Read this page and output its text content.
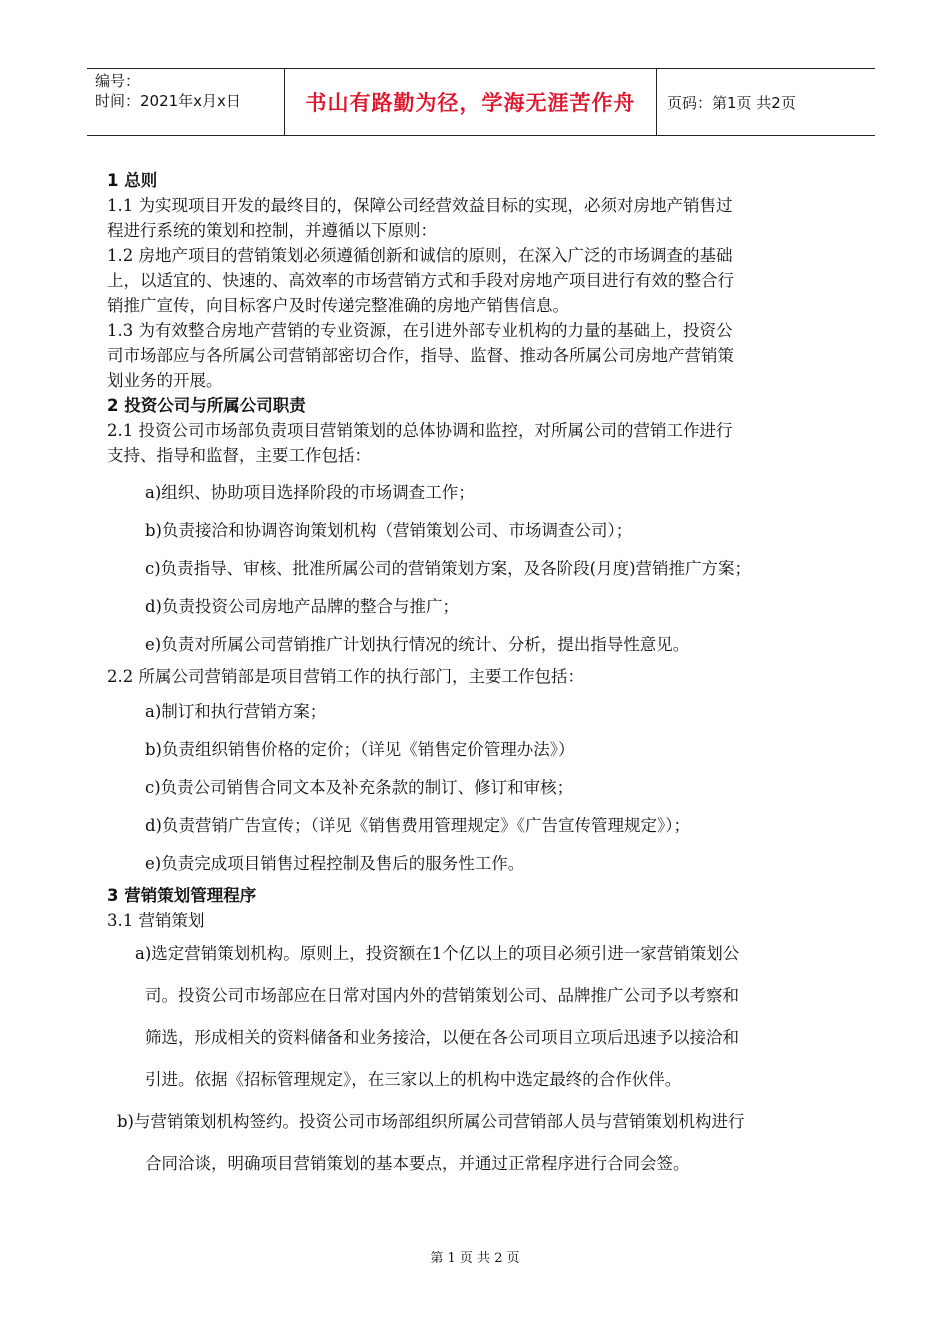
编号：
时间：2021年x月x日	书山有路勤为径，学海无涯苦作舟 页码：第1页 共2页
1 总则
1.1 为实现项目开发的最终目的，保障公司经营效益目标的实现，必须对房地产销售过
程进行系统的策划和控制，并遵循以下原则：
1.2 房地产项目的营销策划必须遵循创新和诚信的原则，在深入广泛的市场调查的基础
上，以适宜的、快速的、高效率的市场营销方式和手段对房地产项目进行有效的整合行
销推广宣传，向目标客户及时传递完整准确的房地产销售信息。
1.3 为有效整合房地产营销的专业资源，在引进外部专业机构的力量的基础上，投资公
司市场部应与各所属公司营销部密切合作，指导、监督、推动各所属公司房地产营销策
划业务的开展。
2 投资公司与所属公司职责
2.1 投资公司市场部负责项目营销策划的总体协调和监控，对所属公司的营销工作进行
支持、指导和监督，主要工作包括：
a)组织、协助项目选择阶段的市场调查工作；
b)负责接洽和协调咨询策划机构（营销策划公司、市场调查公司）；
c)负责指导、审核、批准所属公司的营销策划方案，及各阶段(月度)营销推广方案；
d)负责投资公司房地产品牌的整合与推广；
e)负责对所属公司营销推广计划执行情况的统计、分析，提出指导性意见。
2.2 所属公司营销部是项目营销工作的执行部门，主要工作包括：
a)制订和执行营销方案；
b)负责组织销售价格的定价；（详见《销售定价管理办法》）
c)负责公司销售合同文本及补充条款的制订、修订和审核；
d)负责营销广告宣传；（详见《销售费用管理规定》《广告宣传管理规定》）；
e)负责完成项目销售过程控制及售后的服务性工作。
3 营销策划管理程序
3.1 营销策划
a)选定营销策划机构。原则上，投资额在1个亿以上的项目必须引进一家营销策划公
司。投资公司市场部应在日常对国内外的营销策划公司、品牌推广公司予以考察和
筛选，形成相关的资料储备和业务接洽，以便在各公司项目立项后迅速予以接洽和
引进。依据《招标管理规定》，在三家以上的机构中选定最终的合作伙伴。
b)与营销策划机构签约。投资公司市场部组织所属公司营销部人员与营销策划机构进行
合同洽谈，明确项目营销策划的基本要点，并通过正常程序进行合同会签。
第 1 页 共 2 页
